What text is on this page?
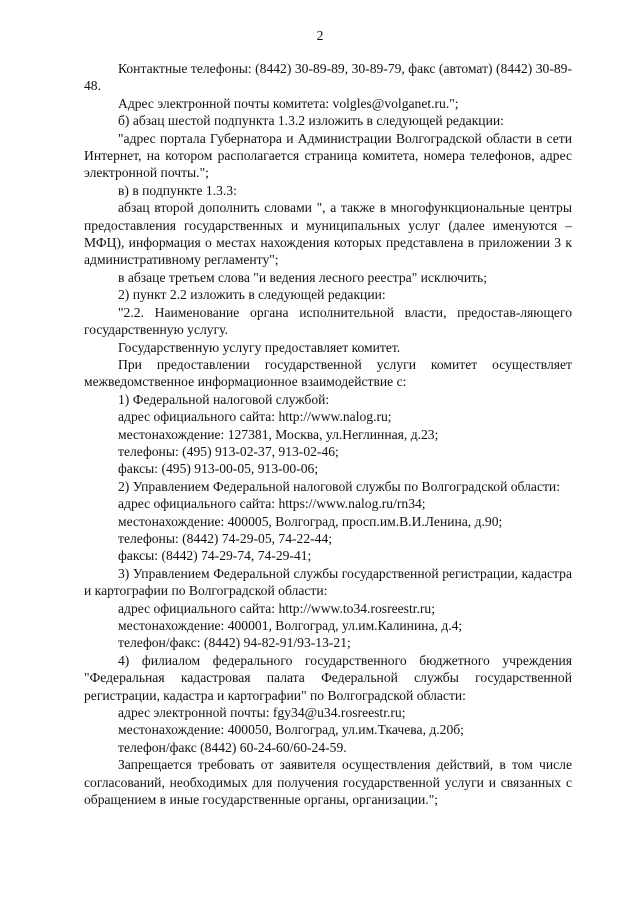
2

Контактные телефоны: (8442) 30-89-89, 30-89-79, факс (автомат) (8442) 30-89-48.

Адрес электронной почты комитета: volgles@volganet.ru.";

б) абзац шестой подпункта 1.3.2 изложить в следующей редакции:

"адрес портала Губернатора и Администрации Волгоградской области в сети Интернет, на котором располагается страница комитета, номера телефонов, адрес электронной почты.";

в) в подпункте 1.3.3:

абзац второй дополнить словами ", а также в многофункциональные центры предоставления государственных и муниципальных услуг (далее именуются – МФЦ), информация о местах нахождения которых представлена в приложении 3 к административному регламенту";

в абзаце третьем слова "и ведения лесного реестра" исключить;

2) пункт 2.2 изложить в следующей редакции:

"2.2. Наименование органа исполнительной власти, предостав-ляющего государственную услугу.

Государственную услугу предоставляет комитет.

При предоставлении государственной услуги комитет осуществляет межведомственное информационное взаимодействие с:

1) Федеральной налоговой службой:

адрес официального сайта: http://www.nalog.ru;

местонахождение: 127381, Москва, ул.Неглинная, д.23;

телефоны: (495) 913-02-37, 913-02-46;

факсы: (495) 913-00-05, 913-00-06;

2) Управлением Федеральной налоговой службы по Волгоградской области:

адрес официального сайта: https://www.nalog.ru/rn34;

местонахождение: 400005, Волгоград, просп.им.В.И.Ленина, д.90;

телефоны: (8442) 74-29-05, 74-22-44;

факсы: (8442) 74-29-74, 74-29-41;

3) Управлением Федеральной службы государственной регистрации, кадастра и картографии по Волгоградской области:

адрес официального сайта: http://www.to34.rosreestr.ru;

местонахождение: 400001, Волгоград, ул.им.Калинина, д.4;

телефон/факс: (8442) 94-82-91/93-13-21;

4) филиалом федерального государственного бюджетного учреждения "Федеральная кадастровая палата Федеральной службы государственной регистрации, кадастра и картографии" по Волгоградской области:

адрес электронной почты: fgy34@u34.rosreestr.ru;

местонахождение: 400050, Волгоград, ул.им.Ткачева, д.20б;

телефон/факс (8442) 60-24-60/60-24-59.

Запрещается требовать от заявителя осуществления действий, в том числе согласований, необходимых для получения государственной услуги и связанных с обращением в иные государственные органы, организации.";
